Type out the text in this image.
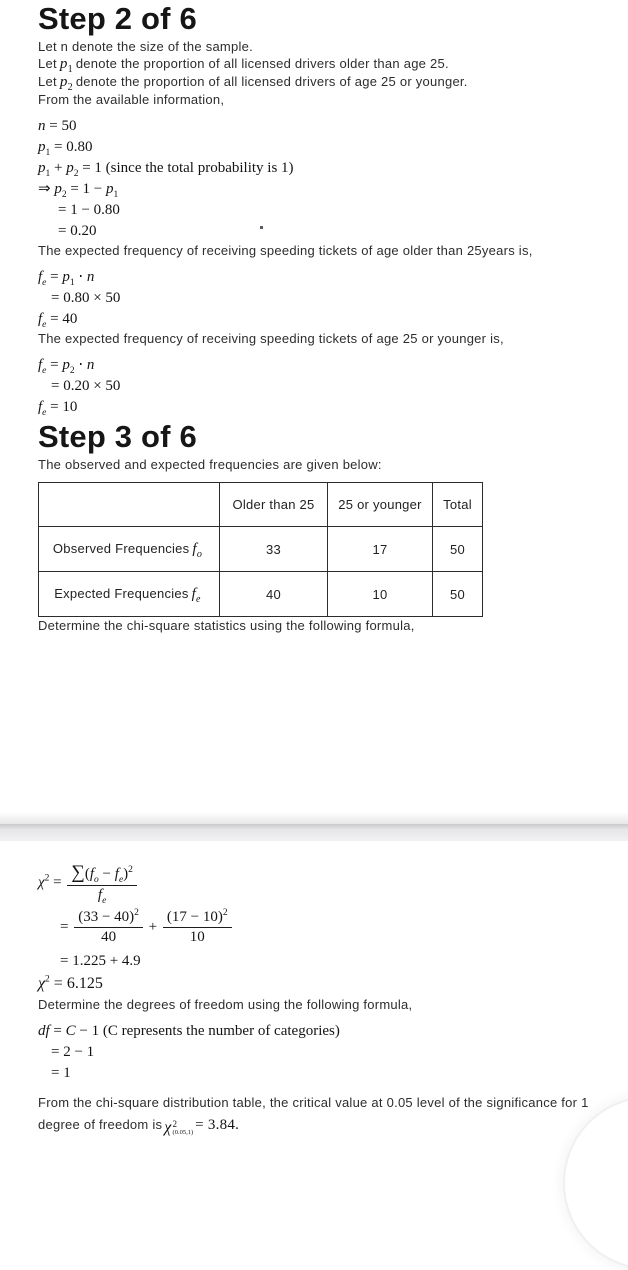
Step 2 of 6

Let n denote the size of the sample.

Let $p_1$ denote the proportion of all licensed drivers older than age 25.

Let $p_2$ denote the proportion of all licensed drivers of age 25 or younger.

From the available information,

n = 50
$p_1 = 0.80$
$p_1 + p_2 = 1$ (since the total probability is 1)
⇒ $p_2 = 1 - p_1$
= 1 − 0.80
= 0.20

The expected frequency of receiving speeding tickets of age older than 25years is,

$f_e = p_1 \cdot n$
= 0.80 × 50
$f_e = 40$

The expected frequency of receiving speeding tickets of age 25 or younger is,

$f_e = p_2 \cdot n$
= 0.20 × 50
$f_e = 10$
Step 3 of 6

The observed and expected frequencies are given below:

	Older than 25	25 or younger	Total
Observed Frequencies $f_o$	33	17	50
Expected Frequencies $f_e$	40	10	50

Determine the chi-square statistics using the following formula,

$\chi^2 = \frac{\sum(f_o - f_e)^2}{f_e}$
= $\frac{(33 - 40)^2}{40} + \frac{(17 - 10)^2}{10}$
= 1.225 + 4.9
$\chi^2 = 6.125$

Determine the degrees of freedom using the following formula,

df = C − 1 (C represents the number of categories)
= 2 − 1
= 1

From the chi-square distribution table, the critical value at 0.05 level of the significance for 1

degree of freedom is χ 2
(0.05,1) = 3.84.
